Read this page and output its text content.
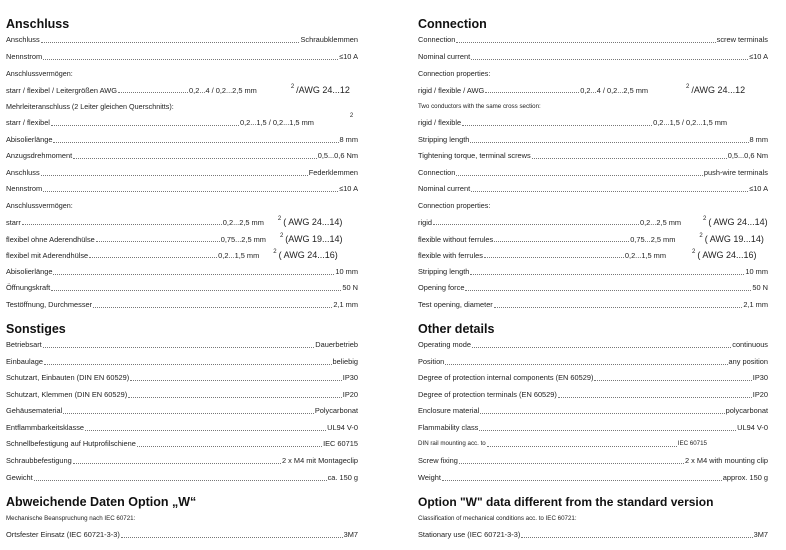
Anschluss
Anschluss	Schraubklemmen
Nennstrom	≤10 A
Anschlussvermögen:
starr / flexibel / Leitergrößen AWG	0,2...4 / 0,2...2,5 mm	2 /AWG 24...12
Mehrleiteranschluss (2 Leiter gleichen Querschnitts):
starr / flexibel	0,2...1,5 / 0,2...1,5 mm
2
Abisolierlänge	8 mm
Anzugsdrehmoment	0,5...0,6 Nm
Anschluss	Federklemmen
Nennstrom	≤10 A
Anschlussvermögen:
starr	0,2...2,5 mm 2 ( AWG 24...14)
flexibel ohne Aderendhülse	0,75...2,5 mm 2 (AWG 19...14)
flexibel mit Aderendhülse	0,2...1,5 mm 2 ( AWG 24...16)
Abisolierlänge	10 mm
Öffnungskraft	50 N
Testöffnung, Durchmesser	2,1 mm
Sonstiges
Betriebsart	Dauerbetrieb
Einbaulage	beliebig
Schutzart, Einbauten (DIN EN 60529)	IP30
Schutzart, Klemmen (DIN EN 60529)	IP20
Gehäusematerial	Polycarbonat
Entflammbarkeitsklasse	UL94 V-0
Schnellbefestigung auf Hutprofilschiene	IEC 60715
Schraubbefestigung	2 x M4 mit Montageclip
Gewicht	ca. 150 g
Abweichende Daten Option „W“
Mechanische Beanspruchung nach IEC 60721:
Ortsfester Einsatz (IEC 60721-3-3)	3M7
Connection
Connection	screw terminals
Nominal current	≤10 A
Connection properties:
rigid / flexible / AWG	0,2...4 / 0,2...2,5 mm	2 /AWG 24...12
Two conductors with the same cross section:
rigid / flexible	0,2...1,5 / 0,2...1,5 mm
Stripping length	8 mm
Tightening torque, terminal screws	0,5...0,6 Nm
Connection	push-wire terminals
Nominal current	≤10 A
Connection properties:
rigid	0,2...2,5 mm	2 ( AWG 24...14)
flexible without ferrules	0,75...2,5 mm	2 ( AWG 19...14)
flexible with ferrules	0,2...1,5 mm	2 ( AWG 24...16)
Stripping length	10 mm
Opening force	50 N
Test opening, diameter	2,1 mm
Other details
Operating mode	continuous
Position	any position
Degree of protection internal components (EN 60529)	IP30
Degree of protection terminals (EN 60529)	IP20
Enclosure material	polycarbonat
Flammability class	UL94 V-0
DIN rail mounting acc. to	IEC 60715
Screw fixing	2 x M4 with mounting clip
Weight	approx. 150 g
Option "W" data different from the standard version
Classification of mechanical conditions acc. to IEC 60721:
Stationary use (IEC 60721-3-3)	3M7
